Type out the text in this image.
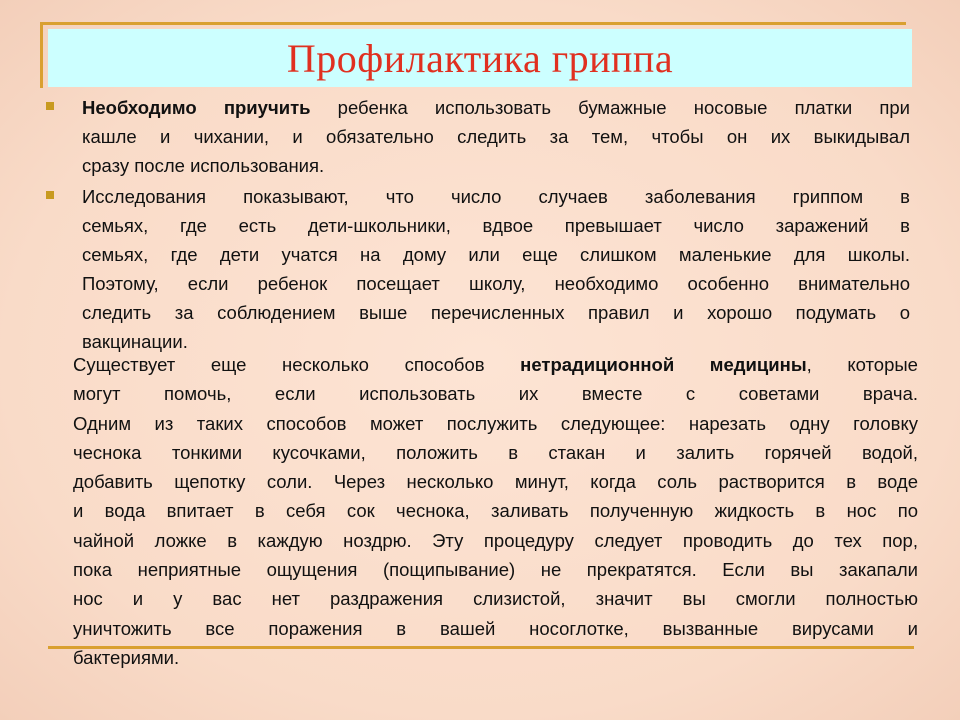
Профилактика гриппа
Необходимо приучить ребенка использовать бумажные носовые платки при
кашле и чихании, и обязательно следить за тем, чтобы он их выкидывал
сразу после использования.
Исследования показывают, что число случаев заболевания гриппом в
семьях, где есть дети-школьники, вдвое превышает число заражений в
семьях, где дети учатся на дому или еще слишком маленькие для школы.
Поэтому, если ребенок посещает школу, необходимо особенно внимательно
следить за соблюдением выше перечисленных правил и хорошо подумать о
вакцинации.
Существует еще несколько способов нетрадиционной медицины, которые
могут помочь, если использовать их вместе с советами врача.
Одним из таких способов может послужить следующее: нарезать одну головку
чеснока тонкими кусочками, положить в стакан и залить горячей водой,
добавить щепотку соли. Через несколько минут, когда соль растворится в воде
и вода впитает в себя сок чеснока, заливать полученную жидкость в нос по
чайной ложке в каждую ноздрю. Эту процедуру следует проводить до тех пор,
пока неприятные ощущения (пощипывание) не прекратятся. Если вы закапали
нос и у вас нет раздражения слизистой, значит вы смогли полностью
уничтожить все поражения в вашей носоглотке, вызванные вирусами и
бактериями.
